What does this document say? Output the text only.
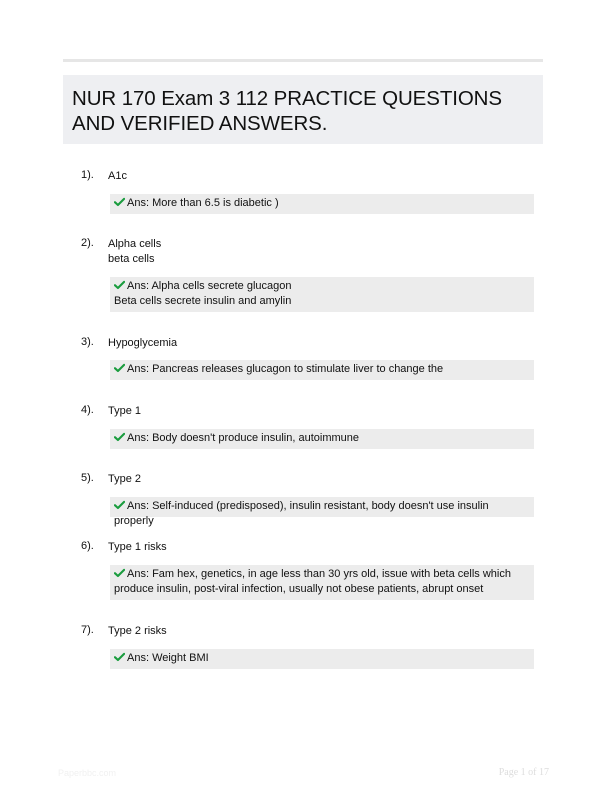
NUR 170 Exam 3 112 PRACTICE QUESTIONS
AND VERIFIED ANSWERS.
1). A1c
Ans: More than 6.5 is diabetic )
2). Alpha cells
beta cells
Ans: Alpha cells secrete glucagon
Beta cells secrete insulin and amylin
3). Hypoglycemia
Ans: Pancreas releases glucagon to stimulate liver to change the
4). Type 1
Ans: Body doesn't produce insulin, autoimmune
5). Type 2
Ans: Self-induced (predisposed), insulin resistant, body doesn't use insulin properly
6). Type 1 risks
Ans: Fam hex, genetics, in age less than 30 yrs old, issue with beta cells which
produce insulin, post-viral infection, usually not obese patients, abrupt onset
7). Type 2 risks
Ans: Weight BMI
Paperbbc.com	Page 1 of 17
